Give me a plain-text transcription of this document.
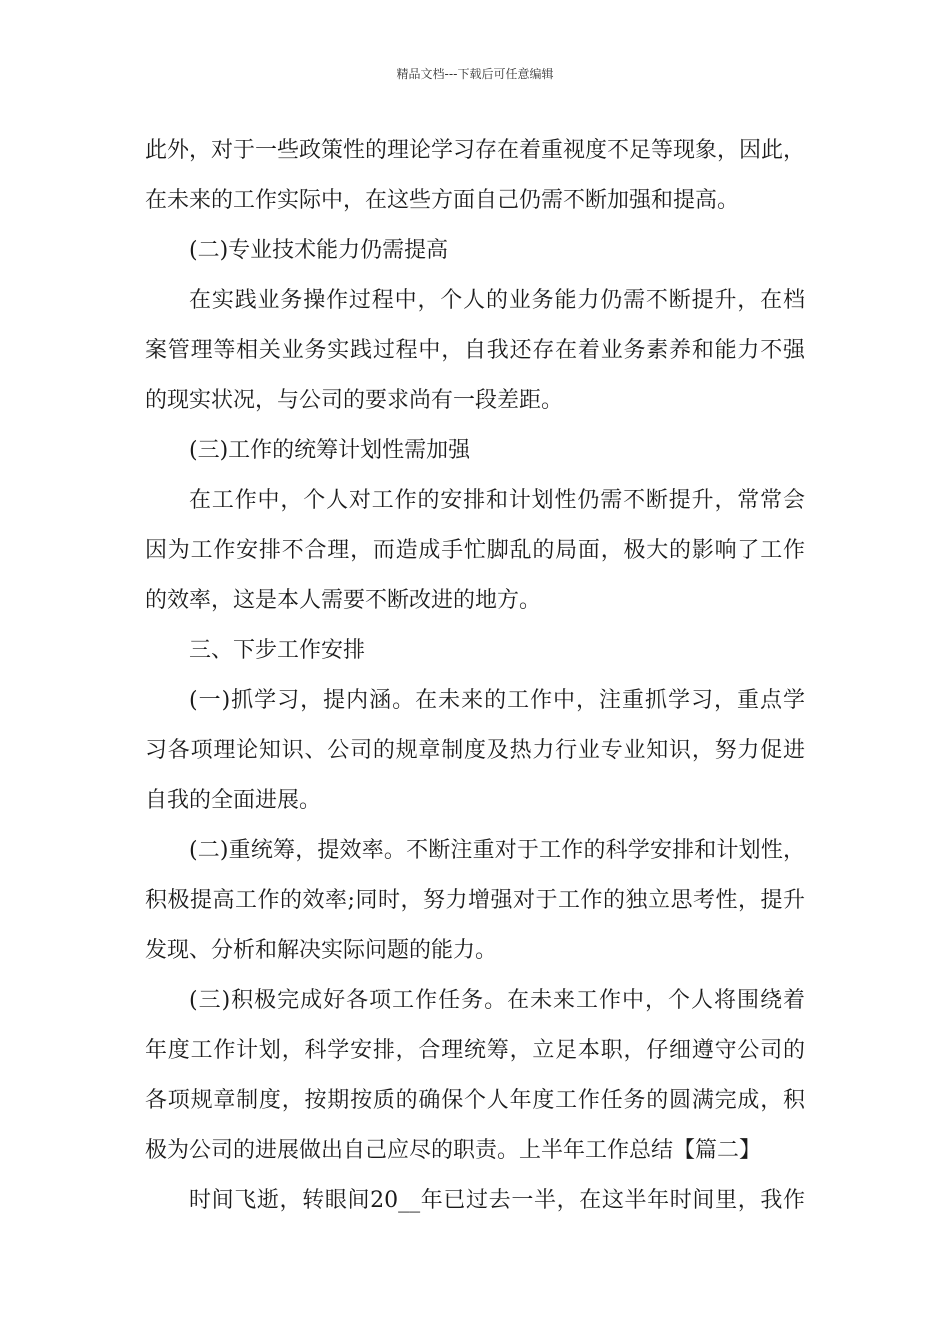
精品文档---下载后可任意编辑
此外，对于一些政策性的理论学习存在着重视度不足等现象，因此，
在未来的工作实际中，在这些方面自己仍需不断加强和提高。
(二)专业技术能力仍需提高
在实践业务操作过程中，个人的业务能力仍需不断提升，在档
案管理等相关业务实践过程中，自我还存在着业务素养和能力不强
的现实状况，与公司的要求尚有一段差距。
(三)工作的统筹计划性需加强
在工作中，个人对工作的安排和计划性仍需不断提升，常常会
因为工作安排不合理，而造成手忙脚乱的局面，极大的影响了工作
的效率，这是本人需要不断改进的地方。
三、下步工作安排
(一)抓学习，提内涵。在未来的工作中，注重抓学习，重点学
习各项理论知识、公司的规章制度及热力行业专业知识，努力促进
自我的全面进展。
(二)重统筹，提效率。不断注重对于工作的科学安排和计划性，
积极提高工作的效率;同时，努力增强对于工作的独立思考性，提升
发现、分析和解决实际问题的能力。
(三)积极完成好各项工作任务。在未来工作中，个人将围绕着
年度工作计划，科学安排，合理统筹，立足本职，仔细遵守公司的
各项规章制度，按期按质的确保个人年度工作任务的圆满完成，积
极为公司的进展做出自己应尽的职责。上半年工作总结【篇二】
时间飞逝，转眼间20__年已过去一半，在这半年时间里，我作
